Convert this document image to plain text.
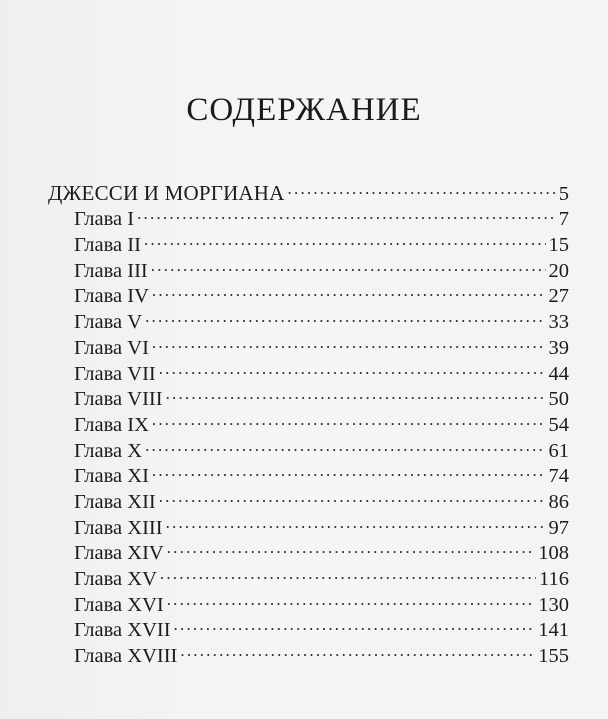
СОДЕРЖАНИЕ
ДЖЕССИ И МОРГИАНА .....	5
Глава I .....	7
Глава II .....	15
Глава III .....	20
Глава IV .....	27
Глава V .....	33
Глава VI .....	39
Глава VII .....	44
Глава VIII .....	50
Глава IX .....	54
Глава X .....	61
Глава XI .....	74
Глава XII .....	86
Глава XIII .....	97
Глава XIV .....	108
Глава XV .....	116
Глава XVI .....	130
Глава XVII .....	141
Глава XVIII .....	155
